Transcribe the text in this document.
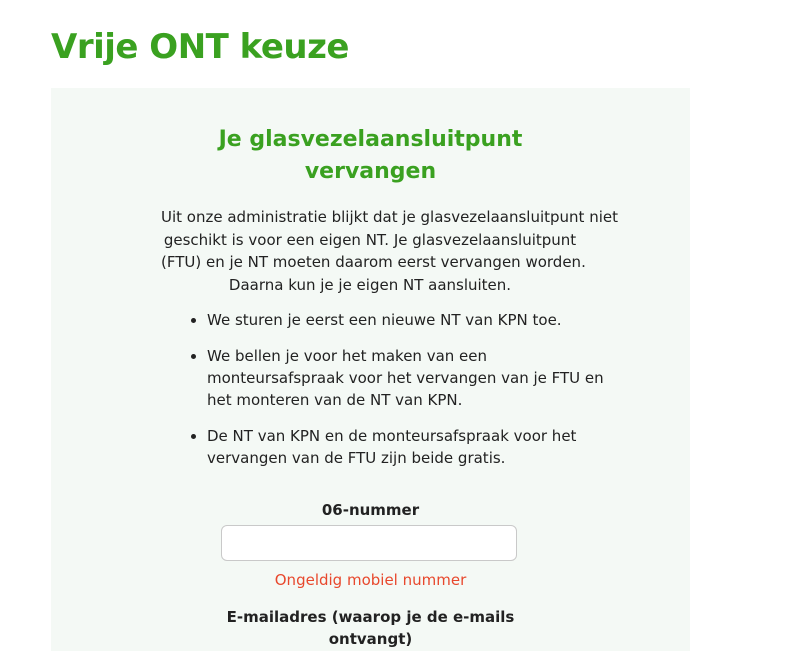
Vrije ONT keuze
Je glasvezelaansluitpunt
vervangen

Uit onze administratie blijkt dat je glasvezelaansluitpunt niet
geschikt is voor een eigen NT. Je glasvezelaansluitpunt
(FTU) en je NT moeten daarom eerst vervangen worden.
Daarna kun je je eigen NT aansluiten.

We sturen je eerst een nieuwe NT van KPN toe.
We bellen je voor het maken van een
monteursafspraak voor het vervangen van je FTU en
het monteren van de NT van KPN.
De NT van KPN en de monteursafspraak voor het
vervangen van de FTU zijn beide gratis.
06-nummer

Ongeldig mobiel nummer

E-mailadres (waarop je de e-mails
ontvangt)
